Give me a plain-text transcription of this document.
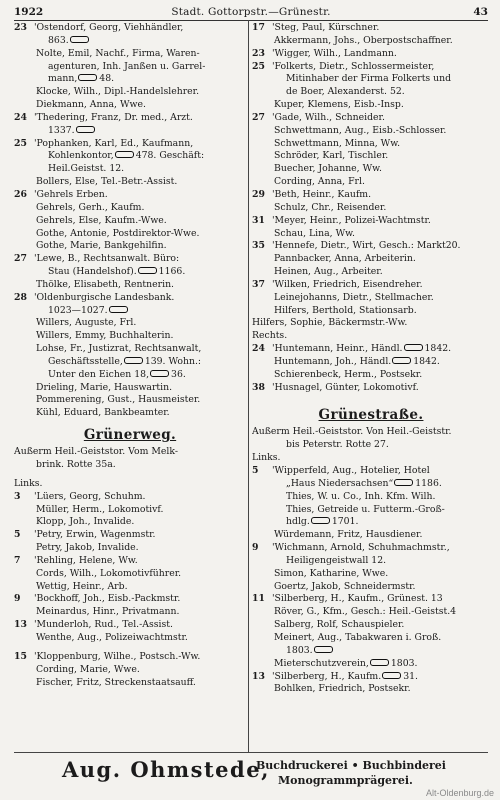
1922	Stadt. Gottorpstr.—Grünestr.	43
23 'Ostendorf, Georg, Viehhändler,
863.
Nolte, Emil, Nachf., Firma, Waren-
agenturen, Inh. Janßen u. Garrel-
mann, 48.
Klocke, Wilh., Dipl.-Handelslehrer.
Diekmann, Anna, Wwe.
24 'Thedering, Franz, Dr. med., Arzt.
1337.
25 'Pophanken, Karl, Ed., Kaufmann,
Kohlenkontor, 478. Geschäft:
Heil.Geistst. 12.
Bollers, Else, Tel.-Betr.-Assist.
26 'Gehrels Erben.
Gehrels, Gerh., Kaufm.
Gehrels, Else, Kaufm.-Wwe.
Gothe, Antonie, Postdirektor-Wwe.
Gothe, Marie, Bankgehilfin.
27 'Lewe, B., Rechtsanwalt. Büro:
Stau (Handelshof). 1166.
Thölke, Elisabeth, Rentnerin.
28 'Oldenburgische Landesbank.
1023—1027.
Willers, Auguste, Frl.
Willers, Emmy, Buchhalterin.
Lohse, Fr., Justizrat, Rechtsanwalt,
Geschäftsstelle, 139. Wohn.:
Unter den Eichen 18, 36.
Drieling, Marie, Hauswartin.
Pommerening, Gust., Hausmeister.
Kühl, Eduard, Bankbeamter.
Grünerweg.
Außerm Heil.-Geiststor. Vom Melk-
brink. Rotte 35a.
Links.
3 'Lüers, Georg, Schuhm.
Müller, Herm., Lokomotivf.
Klopp, Joh., Invalide.
5 'Petry, Erwin, Wagenmstr.
Petry, Jakob, Invalide.
7 'Rehling, Helene, Ww.
Cords, Wilh., Lokomotivführer.
Wettig, Heinr., Arb.
9 'Bockhoff, Joh., Eisb.-Packmstr.
Meinardus, Hinr., Privatmann.
13 'Munderloh, Rud., Tel.-Assist.
Wenthe, Aug., Polizeiwachtmstr.
15 'Kloppenburg, Wilhe., Postsch.-Ww.
Cording, Marie, Wwe.
Fischer, Fritz, Streckenstaatsauff.
17 'Steg, Paul, Kürschner.
Akkermann, Johs., Oberpostschaffner.
23 'Wigger, Wilh., Landmann.
25 'Folkerts, Dietr., Schlossermeister,
Mitinhaber der Firma Folkerts und
de Boer, Alexanderst. 52.
Kuper, Klemens, Eisb.-Insp.
27 'Gade, Wilh., Schneider.
Schwettmann, Aug., Eisb.-Schlosser.
Schwettmann, Minna, Ww.
Schröder, Karl, Tischler.
Buecher, Johanne, Ww.
Cording, Anna, Frl.
29 'Beth, Heinr., Kaufm.
Schulz, Chr., Reisender.
31 'Meyer, Heinr., Polizei-Wachtmstr.
Schau, Lina, Ww.
35 'Hennefe, Dietr., Wirt, Gesch.: Markt20.
Pannbacker, Anna, Arbeiterin.
Heinen, Aug., Arbeiter.
37 'Wilken, Friedrich, Eisendreher.
Leinejohanns, Dietr., Stellmacher.
Hilfers, Berthold, Stationsarb.
Hilfers, Sophie, Bäckermstr.-Ww.
Rechts.
24 'Huntemann, Heinr., Händl. 1842.
Huntemann, Joh., Händl. 1842.
Schierenbeck, Herm., Postsekr.
38 'Husnagel, Günter, Lokomotivf.
Grünestraße.
Außerm Heil.-Geiststor. Von Heil.-Geiststr.
bis Peterstr. Rotte 27.
Links.
5 'Wipperfeld, Aug., Hotelier, Hotel
„Haus Niedersachsen“ 1186.
Thies, W. u. Co., Inh. Kfm. Wilh.
Thies, Getreide u. Futterm.-Groß-
hdlg. 1701.
Würdemann, Fritz, Hausdiener.
9 'Wichmann, Arnold, Schuhmachmstr.,
Heiligengeistwall 12.
Simon, Katharine, Wwe.
Goertz, Jakob, Schneidermstr.
11 'Silberberg, H., Kaufm., Grünest. 13
Röver, G., Kfm., Gesch.: Heil.-Geistst.4
Salberg, Rolf, Schauspieler.
Meinert, Aug., Tabakwaren i. Groß.
1803.
Mieterschutzverein, 1803.
13 'Silberberg, H., Kaufm. 31.
Bohlken, Friedrich, Postsekr.
Aug. Ohmstede,
Buchdruckerei • Buchbinderei
Monogrammprägerei.
Alt-Oldenburg.de
